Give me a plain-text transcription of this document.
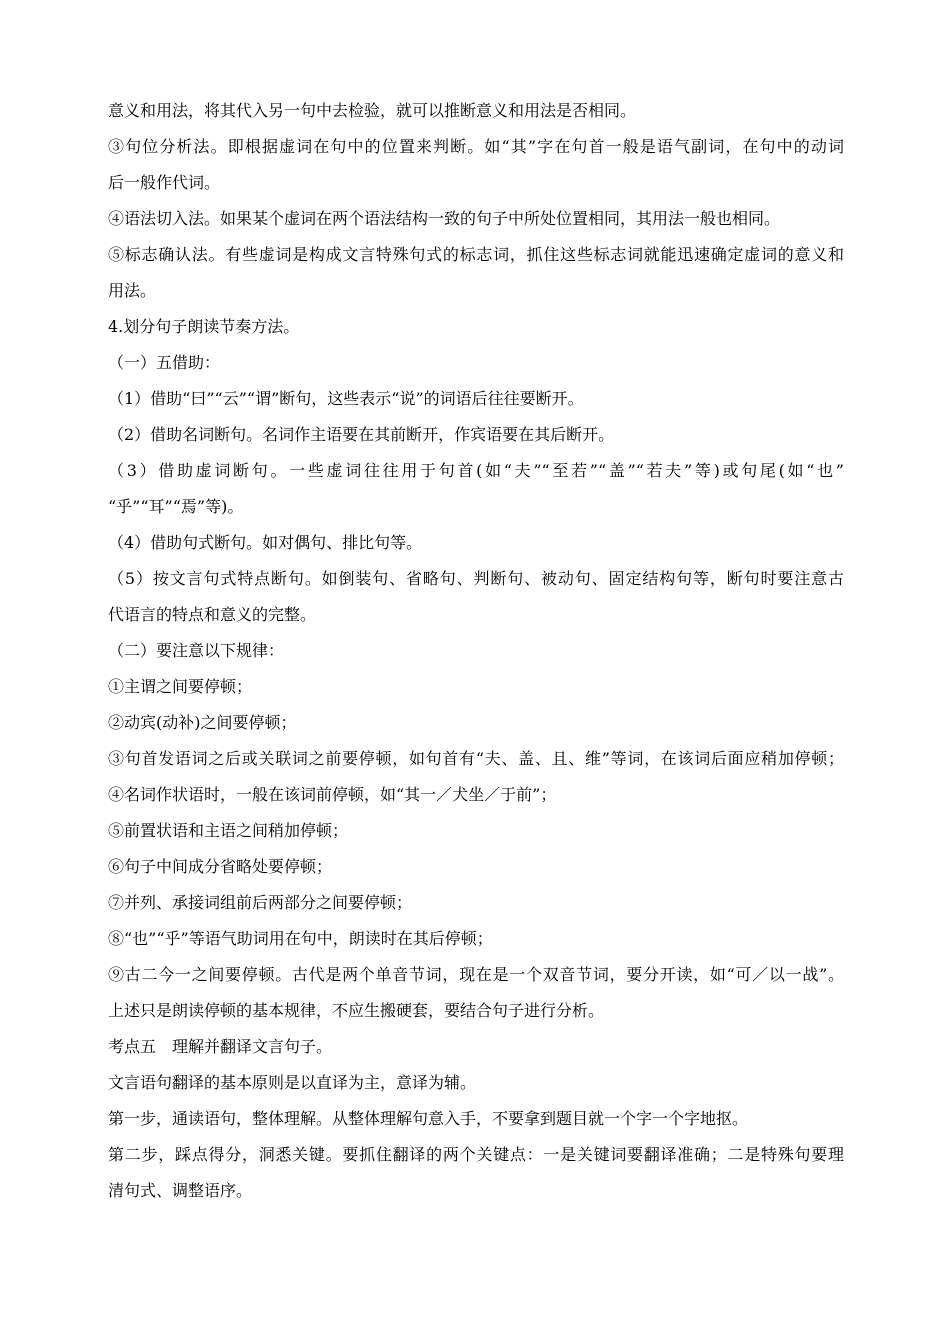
意义和用法，将其代入另一句中去检验，就可以推断意义和用法是否相同。
③句位分析法。即根据虚词在句中的位置来判断。如“其”字在句首一般是语气副词，在句中的动词
后一般作代词。
④语法切入法。如果某个虚词在两个语法结构一致的句子中所处位置相同，其用法一般也相同。
⑤标志确认法。有些虚词是构成文言特殊句式的标志词，抓住这些标志词就能迅速确定虚词的意义和
用法。
4.划分句子朗读节奏方法。
（一）五借助：
（1）借助“曰”“云”“谓”断句，这些表示“说”的词语后往往要断开。
（2）借助名词断句。名词作主语要在其前断开，作宾语要在其后断开。
（3）借助虚词断句。一些虚词往往用于句首(如“夫”“至若”“盖”“若夫”等)或句尾(如“也”
“乎”“耳”“焉”等)。
（4）借助句式断句。如对偶句、排比句等。
（5）按文言句式特点断句。如倒装句、省略句、判断句、被动句、固定结构句等，断句时要注意古
代语言的特点和意义的完整。
（二）要注意以下规律：
①主谓之间要停顿；
②动宾(动补)之间要停顿；
③句首发语词之后或关联词之前要停顿，如句首有“夫、盖、且、维”等词，在该词后面应稍加停顿；
④名词作状语时，一般在该词前停顿，如“其一／犬坐／于前”；
⑤前置状语和主语之间稍加停顿；
⑥句子中间成分省略处要停顿；
⑦并列、承接词组前后两部分之间要停顿；
⑧“也”“乎”等语气助词用在句中，朗读时在其后停顿；
⑨古二今一之间要停顿。古代是两个单音节词，现在是一个双音节词，要分开读，如“可／以一战”。
上述只是朗读停顿的基本规律，不应生搬硬套，要结合句子进行分析。
考点五　理解并翻译文言句子。
文言语句翻译的基本原则是以直译为主，意译为辅。
第一步，通读语句，整体理解。从整体理解句意入手，不要拿到题目就一个字一个字地抠。
第二步，踩点得分，洞悉关键。要抓住翻译的两个关键点：一是关键词要翻译准确；二是特殊句要理
清句式、调整语序。
